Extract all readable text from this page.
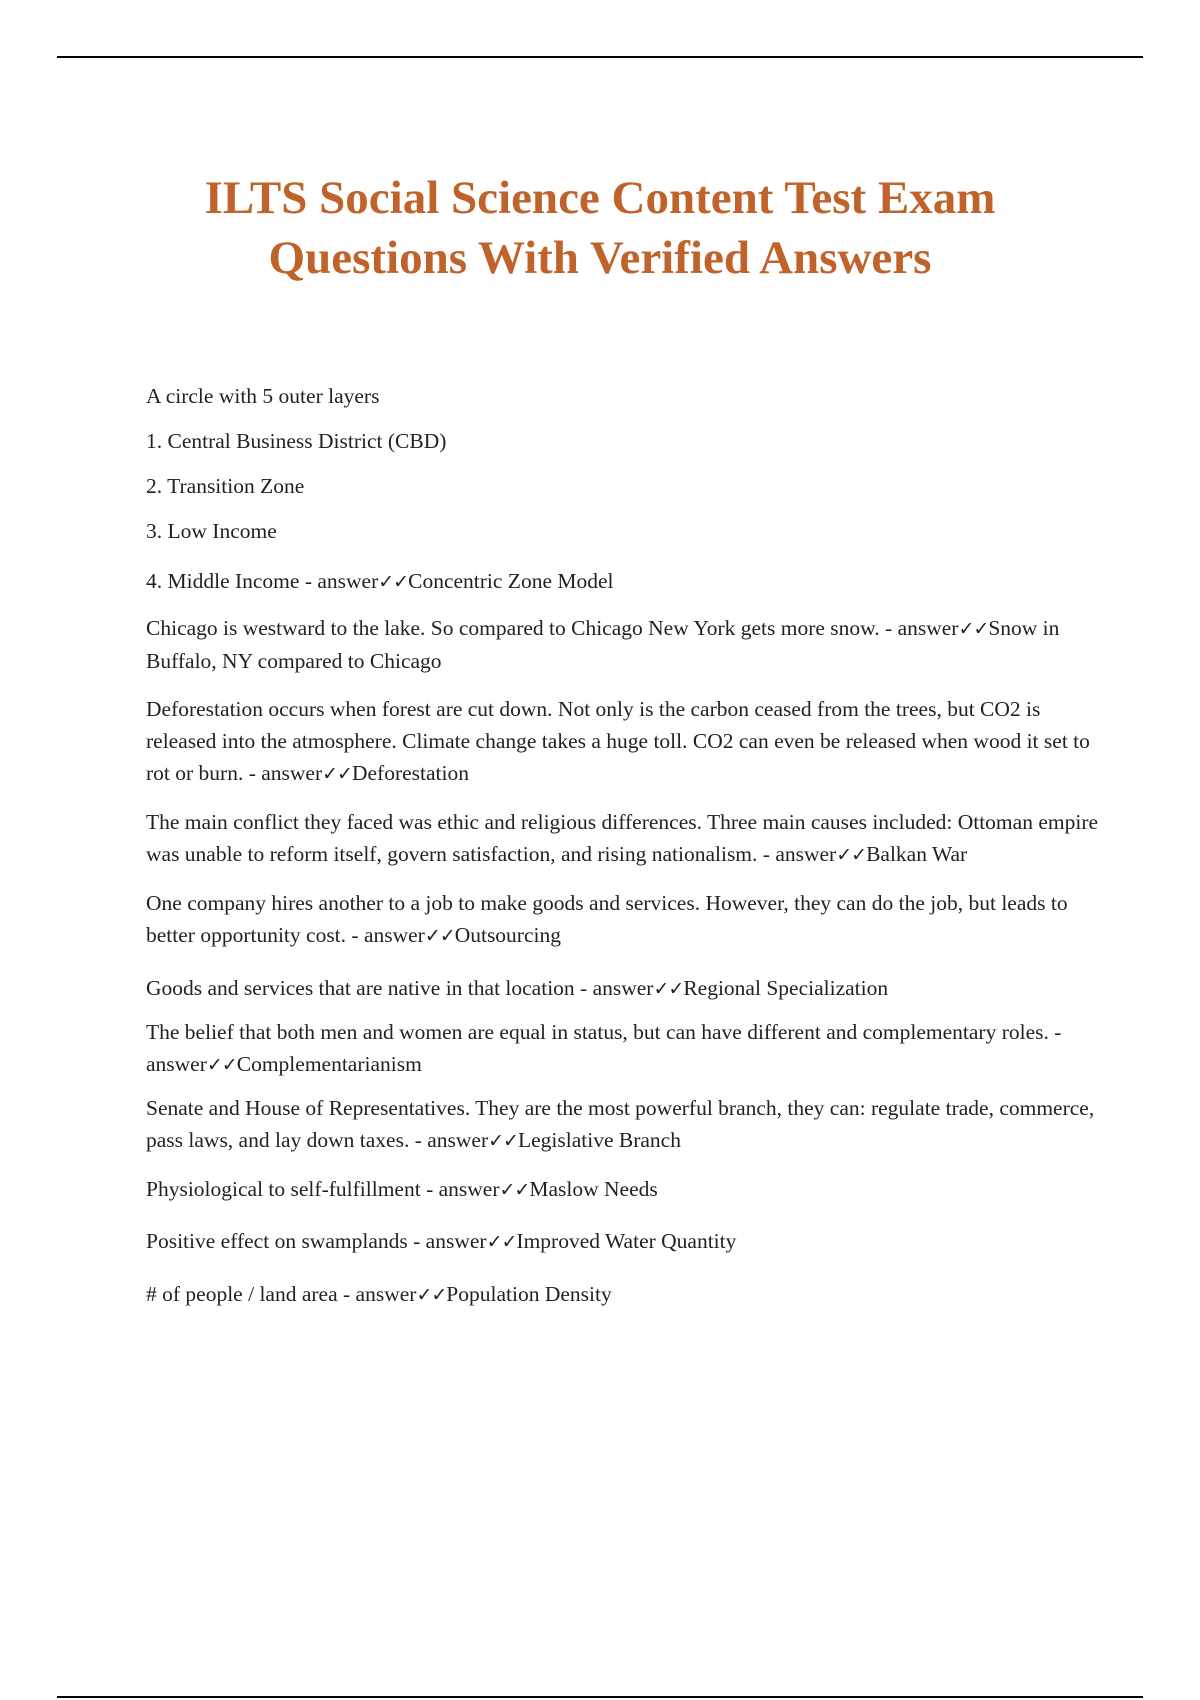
ILTS Social Science Content Test Exam
Questions With Verified Answers

A circle with 5 outer layers

1. Central Business District (CBD)

2. Transition Zone

3. Low Income

4. Middle Income - answer✓✓Concentric Zone Model

Chicago is westward to the lake. So compared to Chicago New York gets more snow. - answer✓✓Snow in Buffalo, NY compared to Chicago

Deforestation occurs when forest are cut down. Not only is the carbon ceased from the trees, but CO2 is released into the atmosphere. Climate change takes a huge toll. CO2 can even be released when wood it set to rot or burn. - answer✓✓Deforestation

The main conflict they faced was ethic and religious differences. Three main causes included: Ottoman empire was unable to reform itself, govern satisfaction, and rising nationalism. - answer✓✓Balkan War

One company hires another to a job to make goods and services. However, they can do the job, but leads to better opportunity cost. - answer✓✓Outsourcing

Goods and services that are native in that location - answer✓✓Regional Specialization

The belief that both men and women are equal in status, but can have different and complementary roles. - answer✓✓Complementarianism

Senate and House of Representatives. They are the most powerful branch, they can: regulate trade, commerce, pass laws, and lay down taxes. - answer✓✓Legislative Branch

Physiological to self-fulfillment - answer✓✓Maslow Needs

Positive effect on swamplands - answer✓✓Improved Water Quantity

# of people / land area - answer✓✓Population Density
